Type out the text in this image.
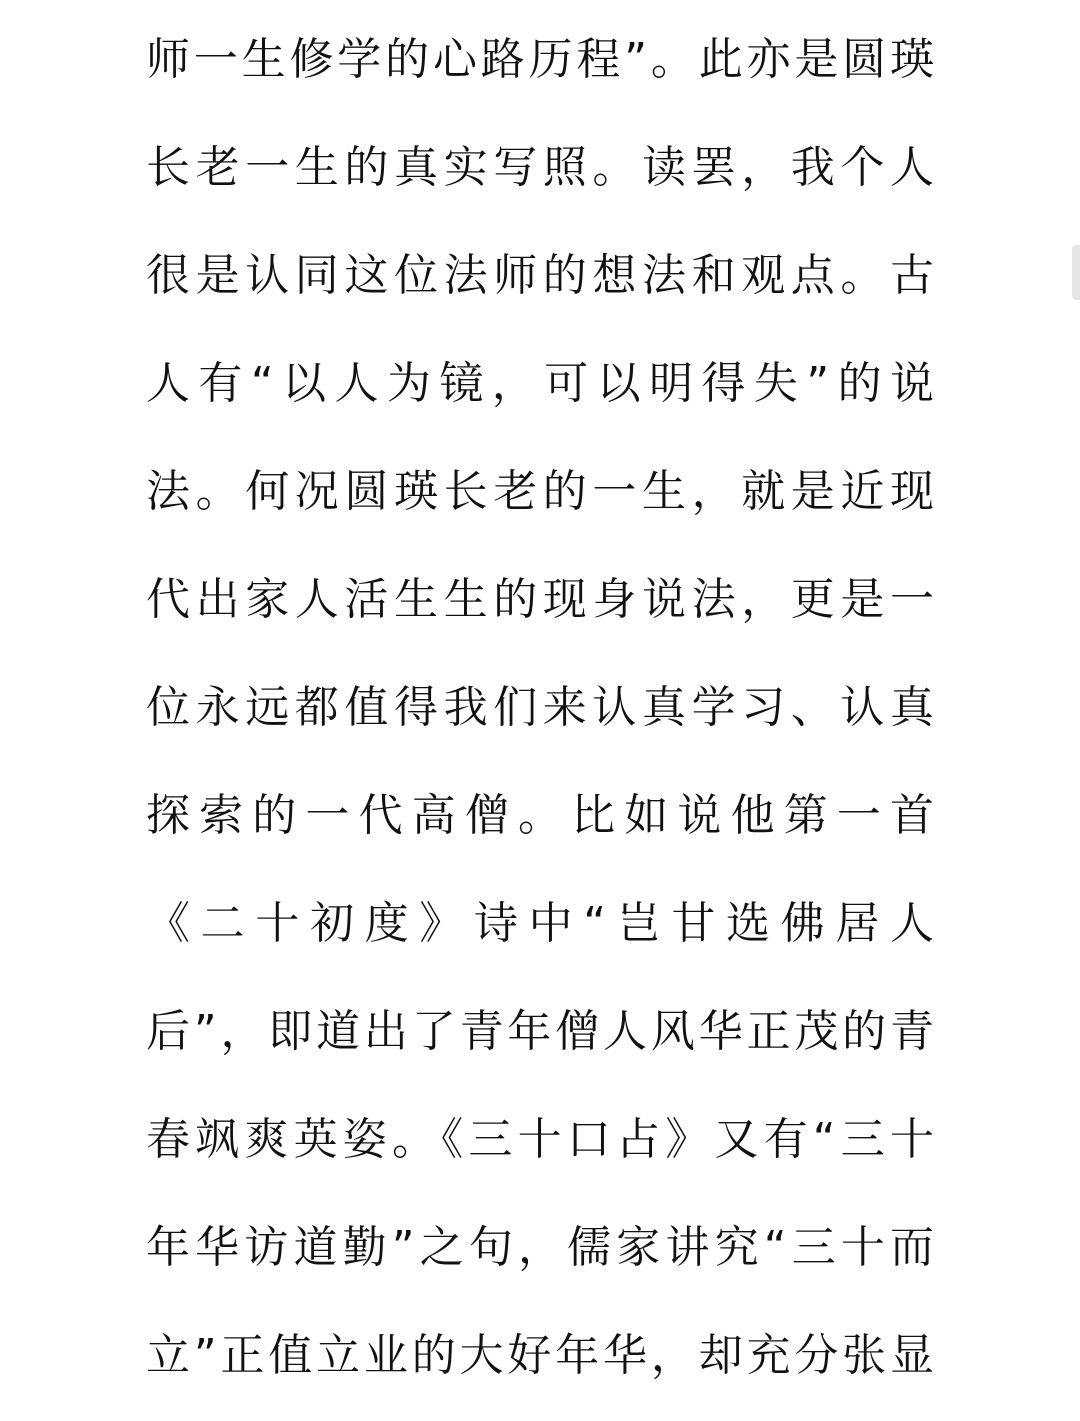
师一生修学的心路历程”。此亦是圆瑛
长老一生的真实写照。读罢，我个人
很是认同这位法师的想法和观点。古
人有“以人为镜，可以明得失”的说
法。何况圆瑛长老的一生，就是近现
代出家人活生生的现身说法，更是一
位永远都值得我们来认真学习、认真
探索的一代高僧。比如说他第一首
《二十初度》诗中“岂甘选佛居人
后”，即道出了青年僧人风华正茂的青
春飒爽英姿。《三十口占》又有“三十
年华访道勤”之句，儒家讲究“三十而
立”正值立业的大好年华，却充分张显
